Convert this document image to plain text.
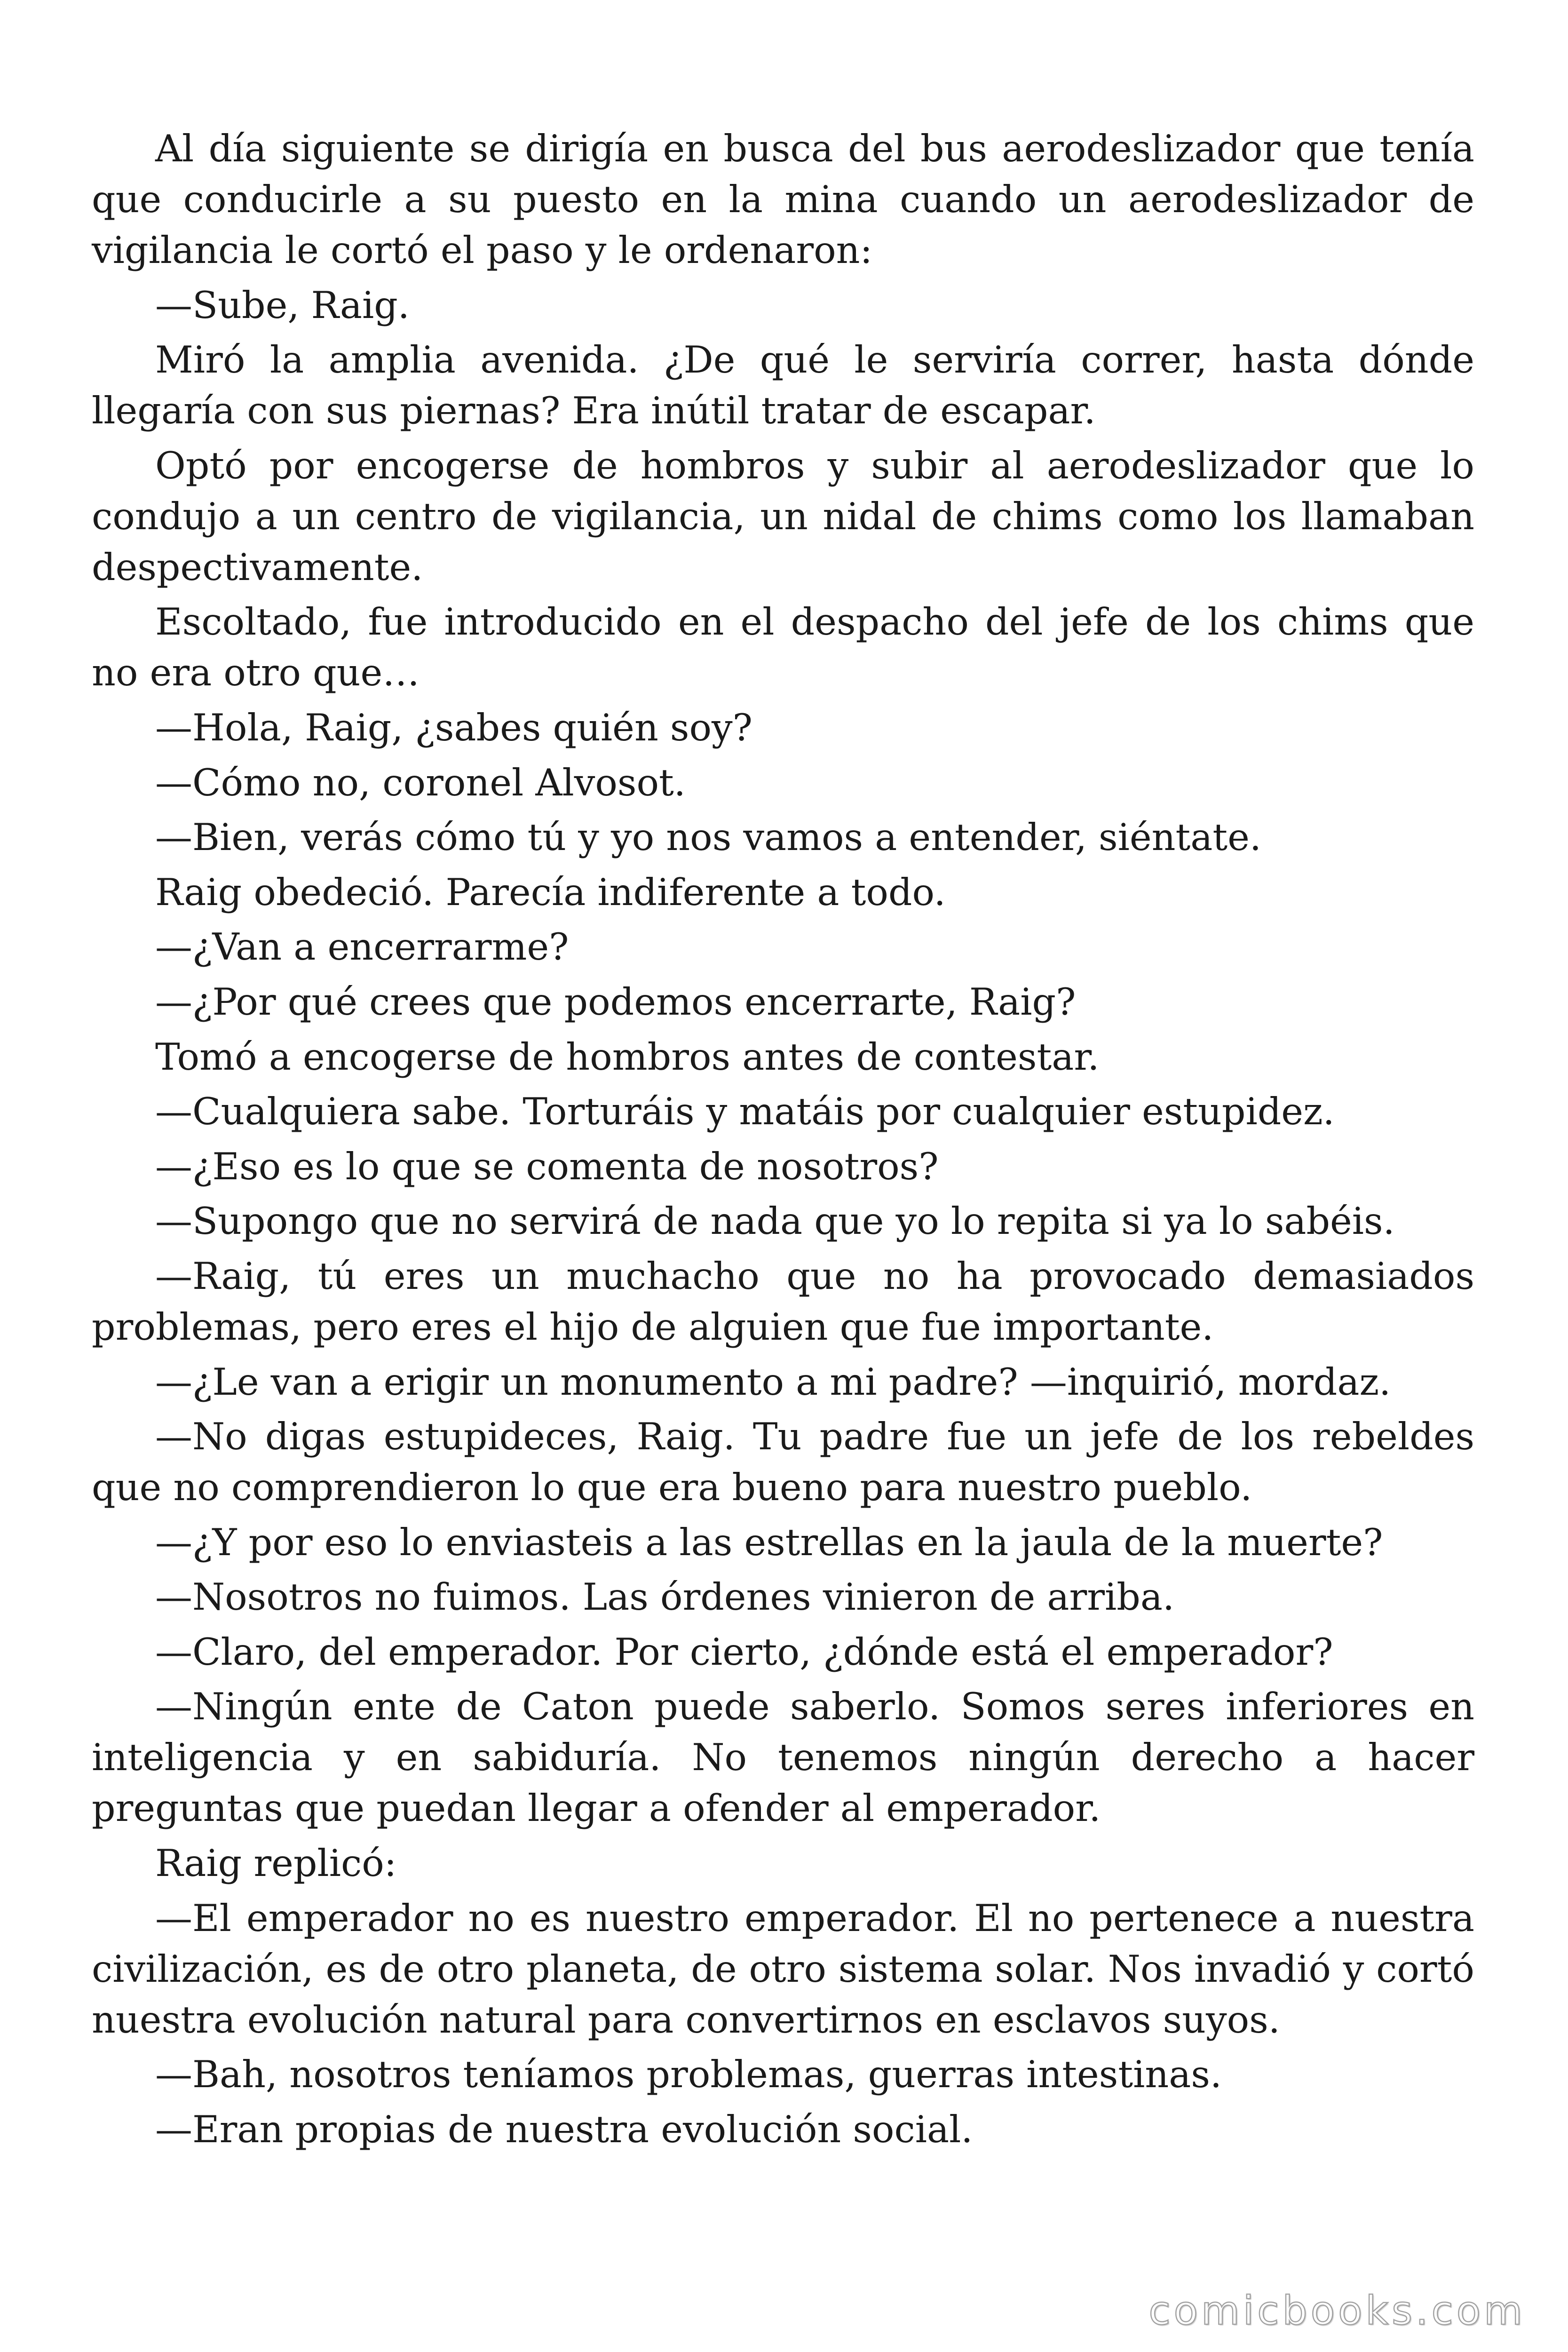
Al día siguiente se dirigía en busca del bus aerodeslizador que tenía que conducirle a su puesto en la mina cuando un aerodeslizador de vigilancia le cortó el paso y le ordenaron:

—Sube, Raig.

Miró la amplia avenida. ¿De qué le serviría correr, hasta dónde llegaría con sus piernas? Era inútil tratar de escapar.

Optó por encogerse de hombros y subir al aerodeslizador que lo condujo a un centro de vigilancia, un nidal de chims como los llamaban despectivamente.

Escoltado, fue introducido en el despacho del jefe de los chims que no era otro que…

—Hola, Raig, ¿sabes quién soy?

—Cómo no, coronel Alvosot.

—Bien, verás cómo tú y yo nos vamos a entender, siéntate.

Raig obedeció. Parecía indiferente a todo.

—¿Van a encerrarme?

—¿Por qué crees que podemos encerrarte, Raig?

Tomó a encogerse de hombros antes de contestar.

—Cualquiera sabe. Torturáis y matáis por cualquier estupidez.

—¿Eso es lo que se comenta de nosotros?

—Supongo que no servirá de nada que yo lo repita si ya lo sabéis.

—Raig, tú eres un muchacho que no ha provocado demasiados problemas, pero eres el hijo de alguien que fue importante.

—¿Le van a erigir un monumento a mi padre? —inquirió, mordaz.

—No digas estupideces, Raig. Tu padre fue un jefe de los rebeldes que no comprendieron lo que era bueno para nuestro pueblo.

—¿Y por eso lo enviasteis a las estrellas en la jaula de la muerte?

—Nosotros no fuimos. Las órdenes vinieron de arriba.

—Claro, del emperador. Por cierto, ¿dónde está el emperador?

—Ningún ente de Caton puede saberlo. Somos seres inferiores en inteligencia y en sabiduría. No tenemos ningún derecho a hacer preguntas que puedan llegar a ofender al emperador.

Raig replicó:

—El emperador no es nuestro emperador. El no pertenece a nuestra civilización, es de otro planeta, de otro sistema solar. Nos invadió y cortó nuestra evolución natural para convertirnos en esclavos suyos.

—Bah, nosotros teníamos problemas, guerras intestinas.

—Eran propias de nuestra evolución social.

comicbooks.com
